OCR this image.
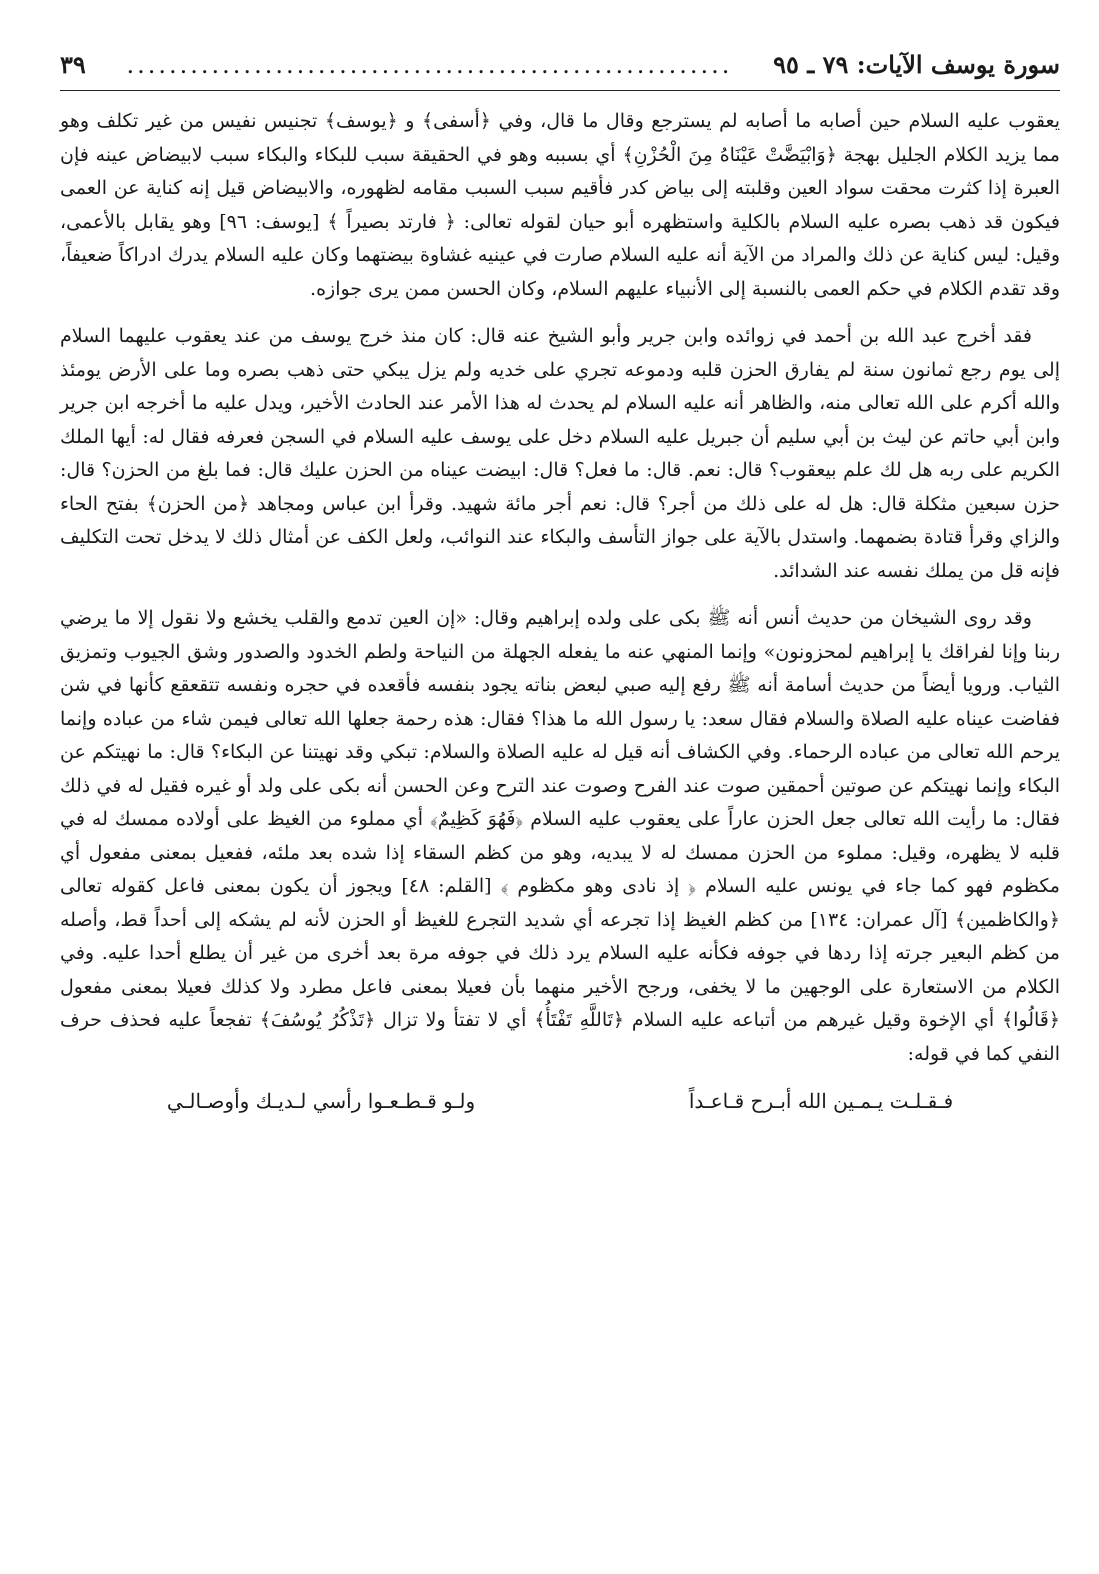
سورة يوسف الآيات: ٧٩ ـ ٩٥
.........................................................
٣٩

يعقوب عليه السلام حين أصابه ما أصابه لم يسترجع وقال ما قال، وفي ﴿أسفى﴾ و ﴿يوسف﴾ تجنيس نفيس من غير تكلف وهو مما يزيد الكلام الجليل بهجة ﴿وَابْيَضَّتْ عَيْنَاهُ مِنَ الْحُزْنِ﴾ أي بسببه وهو في الحقيقة سبب للبكاء والبكاء سبب لابيضاض عينه فإن العبرة إذا كثرت محقت سواد العين وقلبته إلى بياض كدر فأقيم سبب السبب مقامه لظهوره، والابيضاض قيل إنه كناية عن العمى فيكون قد ذهب بصره عليه السلام بالكلية واستظهره أبو حيان لقوله تعالى: ﴿ فارتد بصيراً ﴾ [يوسف: ٩٦] وهو يقابل بالأعمى، وقيل: ليس كناية عن ذلك والمراد من الآية أنه عليه السلام صارت في عينيه غشاوة بيضتهما وكان عليه السلام يدرك ادراكاً ضعيفاً، وقد تقدم الكلام في حكم العمى بالنسبة إلى الأنبياء عليهم السلام، وكان الحسن ممن يرى جوازه.

فقد أخرج عبد الله بن أحمد في زوائده وابن جرير وأبو الشيخ عنه قال: كان منذ خرج يوسف من عند يعقوب عليهما السلام إلى يوم رجع ثمانون سنة لم يفارق الحزن قلبه ودموعه تجري على خديه ولم يزل يبكي حتى ذهب بصره وما على الأرض يومئذ والله أكرم على الله تعالى منه، والظاهر أنه عليه السلام لم يحدث له هذا الأمر عند الحادث الأخير، ويدل عليه ما أخرجه ابن جرير وابن أبي حاتم عن ليث بن أبي سليم أن جبريل عليه السلام دخل على يوسف عليه السلام في السجن فعرفه فقال له: أيها الملك الكريم على ربه هل لك علم بيعقوب؟ قال: نعم. قال: ما فعل؟ قال: ابيضت عيناه من الحزن عليك قال: فما بلغ من الحزن؟ قال: حزن سبعين مثكلة قال: هل له على ذلك من أجر؟ قال: نعم أجر مائة شهيد. وقرأ ابن عباس ومجاهد ﴿من الحزن﴾ بفتح الحاء والزاي وقرأ قتادة بضمهما. واستدل بالآية على جواز التأسف والبكاء عند النوائب، ولعل الكف عن أمثال ذلك لا يدخل تحت التكليف فإنه قل من يملك نفسه عند الشدائد.

وقد روى الشيخان من حديث أنس أنه ﷺ بكى على ولده إبراهيم وقال: «إن العين تدمع والقلب يخشع ولا نقول إلا ما يرضي ربنا وإنا لفراقك يا إبراهيم لمحزونون» وإنما المنهي عنه ما يفعله الجهلة من النياحة ولطم الخدود والصدور وشق الجيوب وتمزيق الثياب. ورويا أيضاً من حديث أسامة أنه ﷺ رفع إليه صبي لبعض بناته يجود بنفسه فأقعده في حجره ونفسه تتقعقع كأنها في شن ففاضت عيناه عليه الصلاة والسلام فقال سعد: يا رسول الله ما هذا؟ فقال: هذه رحمة جعلها الله تعالى فيمن شاء من عباده وإنما يرحم الله تعالى من عباده الرحماء. وفي الكشاف أنه قيل له عليه الصلاة والسلام: تبكي وقد نهيتنا عن البكاء؟ قال: ما نهيتكم عن البكاء وإنما نهيتكم عن صوتين أحمقين صوت عند الفرح وصوت عند الترح وعن الحسن أنه بكى على ولد أو غيره فقيل له في ذلك فقال: ما رأيت الله تعالى جعل الحزن عاراً على يعقوب عليه السلام ﴿فَهُوَ كَظِيمٌ﴾ أي مملوء من الغيظ على أولاده ممسك له في قلبه لا يظهره، وقيل: مملوء من الحزن ممسك له لا يبديه، وهو من كظم السقاء إذا شده بعد ملئه، ففعيل بمعنى مفعول أي مكظوم فهو كما جاء في يونس عليه السلام ﴿ إذ نادى وهو مكظوم ﴾ [القلم: ٤٨] ويجوز أن يكون بمعنى فاعل كقوله تعالى ﴿والكاظمين﴾ [آل عمران: ١٣٤] من كظم الغيظ إذا تجرعه أي شديد التجرع للغيظ أو الحزن لأنه لم يشكه إلى أحداً قط، وأصله من كظم البعير جرته إذا ردها في جوفه فكأنه عليه السلام يرد ذلك في جوفه مرة بعد أخرى من غير أن يطلع أحدا عليه. وفي الكلام من الاستعارة على الوجهين ما لا يخفى، ورجح الأخير منهما بأن فعيلا بمعنى فاعل مطرد ولا كذلك فعيلا بمعنى مفعول ﴿قَالُوا﴾ أي الإخوة وقيل غيرهم من أتباعه عليه السلام ﴿تَاللَّهِ تَفْتَأُ﴾ أي لا تفتأ ولا تزال ﴿تَذْكُرُ يُوسُفَ﴾ تفجعاً عليه فحذف حرف النفي كما في قوله:

فـقـلـت يـمـين الله أبـرح قـاعـداً
ولـو قـطـعـوا رأسي لـديـك وأوصـالـي
